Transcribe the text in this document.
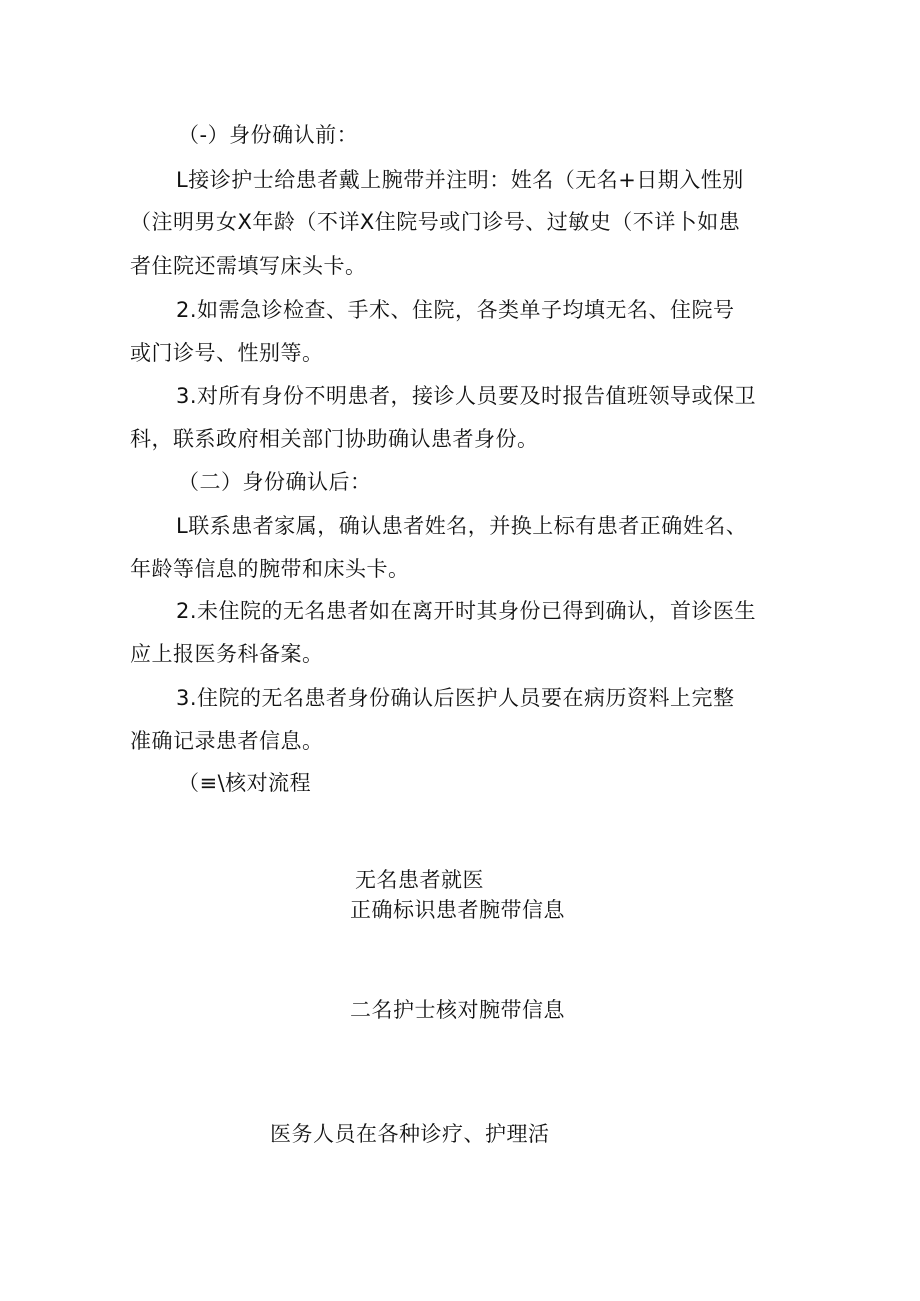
（-）身份确认前：
L接诊护士给患者戴上腕带并注明：姓名（无名+日期入性别
（注明男女X年龄（不详X住院号或门诊号、过敏史（不详卜如患
者住院还需填写床头卡。
2.如需急诊检查、手术、住院，各类单子均填无名、住院号
或门诊号、性别等。
3.对所有身份不明患者，接诊人员要及时报告值班领导或保卫
科，联系政府相关部门协助确认患者身份。
（二）身份确认后：
L联系患者家属，确认患者姓名，并换上标有患者正确姓名、
年龄等信息的腕带和床头卡。
2.未住院的无名患者如在离开时其身份已得到确认，首诊医生
应上报医务科备案。
3.住院的无名患者身份确认后医护人员要在病历资料上完整
准确记录患者信息。
（≡\核对流程
无名患者就医
正确标识患者腕带信息
二名护士核对腕带信息
医务人员在各种诊疗、护理活
